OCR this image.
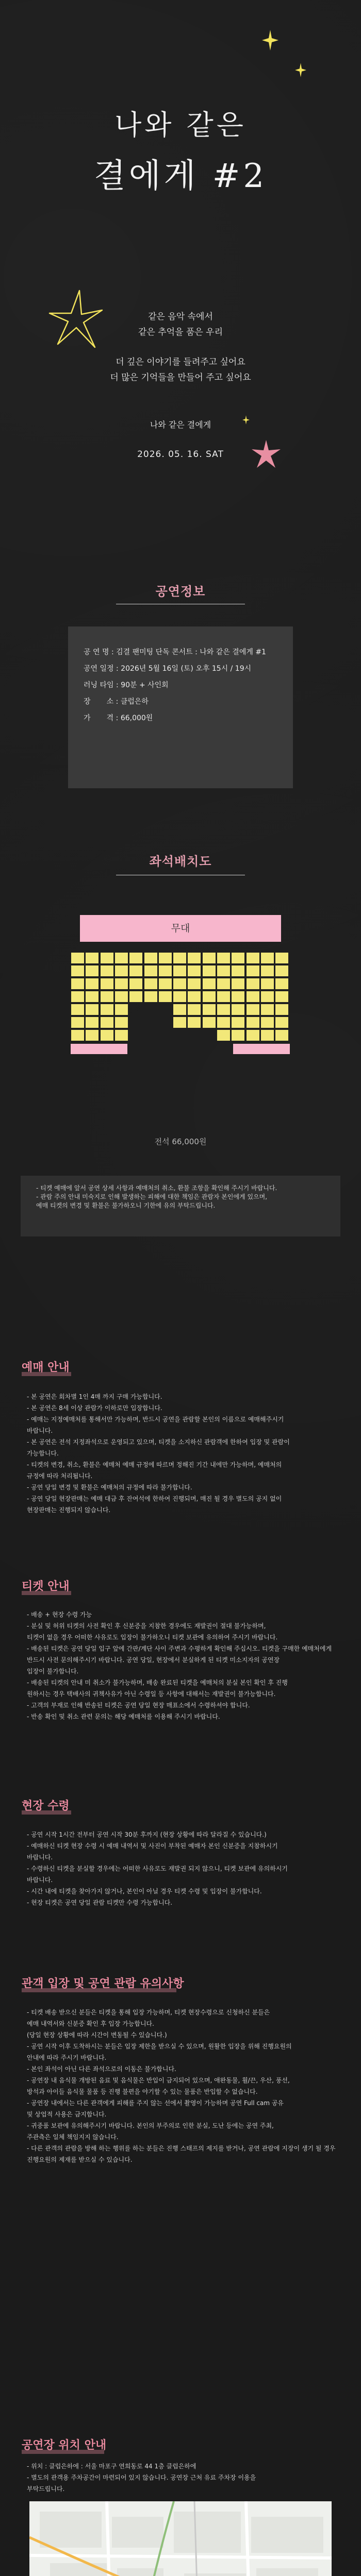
나와 같은
결에게 #2
같은 음악 속에서
같은 추억을 품은 우리
더 깊은 이야기를 들려주고 싶어요
더 많은 기억들을 만들어 주고 싶어요
나와 같은 결에게
2026. 05. 16. SAT
공연정보
공 연 명
: 김결 팬미팅 단독 콘서트 : 나와 같은 결에게 #1
공연 일정
: 2026년 5월 16일 (토) 오후 15시 / 19시
러닝 타임
: 90분 + 사인회
장       소
: 클럽은하
가       격
: 66,000원
좌석배치도
무대
전석 66,000원
- 티켓 예매에 앞서 공연 상세 사항과 예매처의 취소, 환불 조항을 확인해 주시기 바랍니다.
- 관람 주의 안내 미숙지로 인해 발생하는 피해에 대한 책임은 관람자 본인에게 있으며,
예매 티켓의 변경 및 환불은 불가하오니 기한에 유의 부탁드립니다.
예매 안내
- 본 공연은 회차별 1인 4매 까지 구매 가능합니다.
- 본 공연은 8세 이상 관람가 이하로만 입장합니다.
- 예매는 지정예매처를 통해서만 가능하며, 반드시 공연을 관람할 본인의 이름으로 예매해주시기
바랍니다.
- 본 공연은 전석 지정좌석으로 운영되고 있으며, 티켓을 소지하신 관람객에 한하여 입장 및 관람이
가능합니다.
- 티켓의 변경, 취소, 환불은 예매처 예매 규정에 따르며 정해진 기간 내에만 가능하며, 예매처의
규정에 따라 처리됩니다.
- 공연 당일 변경 및 환불은 예매처의 규정에 따라 불가합니다.
- 공연 당일 현장판매는 예매 대금 후 잔여석에 한하여 진행되며, 매진 될 경우 별도의 공지 없이
현장판매는 진행되지 않습니다.
티켓 안내
- 배송 + 현장 수령 가능
- 분실 및 허위 티켓의 사전 확인 후 신분증을 지참한 경우에도 재발권이 절대 불가능하며,
티켓이 없을 경우 어떠한 사유로도 입장이 불가하오니 티켓 보관에 유의하여 주시기 바랍니다.
- 배송된 티켓은 공연 당일 입구 앞에 간판/계단 사이 주변과 수평하게 확인해 주십시오. 티켓을 구매한 예매처에게
반드시 사전 문의해주시기 바랍니다. 공연 당일, 현장에서 분실하게 된 티켓 미소지자의 공연장
입장이 불가합니다.
- 배송된 티켓의 안내 미 취소가 불가능하며, 배송 완료된 티켓을 예매처의 분실 본인 확인 후 진행
원하시는 경우 택배사의 귀책사유가 아닌 수령일 등 사항에 대해서는 재발권이 불가능합니다.
- 고객의 부재로 인해 반송된 티켓은 공연 당일 현장 매표소에서 수령하셔야 합니다.
- 반송 확인 및 취소 관련 문의는 해당 예매처를 이용해 주시기 바랍니다.
현장 수령
- 공연 시작 1시간 전부터 공연 시작 30분 후까지 (현장 상황에 따라 달라질 수 있습니다.)
- 예매하신 티켓 현장 수령 시 예매 내역서 및 사진이 부착된 예매자 본인 신분증을 지참하시기
바랍니다.
- 수령하신 티켓을 분실할 경우에는 어떠한 사유로도 재발권 되지 않으니, 티켓 보관에 유의하시기
바랍니다.
- 시간 내에 티켓을 찾아가지 않거나, 본인이 아닐 경우 티켓 수령 및 입장이 불가합니다.
- 현장 티켓은 공연 당일 관람 티켓만 수령 가능합니다.
관객 입장 및 공연 관람 유의사항
- 티켓 배송 받으신 분들은 티켓을 통해 입장 가능하며, 티켓 현장수령으로 신청하신 분들은
예매 내역서와 신분증 확인 후 입장 가능합니다.
(당일 현장 상황에 따라 시간이 변동될 수 있습니다.)
- 공연 시작 이후 도착하시는 분들은 입장 제한을 받으실 수 있으며, 원활한 입장을 위해 진행요원의
안내에 따라 주시기 바랍니다.
- 본인 좌석이 아닌 다른 좌석으로의 이동은 불가합니다.
- 공연장 내 음식물 개방된 음료 및 음식물은 반입이 금지되어 있으며, 애완동물, 휠/끈, 우산, 풍선,
방석과 아이들 음식물 물품 등 진행 불편을 야기할 수 있는 물품은 반입할 수 없습니다.
- 공연장 내에서는 다른 관객에게 피해를 주지 않는 선에서 촬영이 가능하며 공연 Full cam 공유
및 상업적 사용은 금지합니다.
- 귀중품 보관에 유의해주시기 바랍니다. 본인의 부주의로 인한 분실, 도난 등에는 공연 주최,
주관측은 일체 책임지지 않습니다.
- 다른 관객의 관람을 방해 하는 행위를 하는 분들은 진행 스태프의 제지를 받거나, 공연 관람에 지장이 생기 될 경우
진행요원의 제재를 받으실 수 있습니다.
공연장 위치 안내
- 위치 : 클럽은하에 : 서울 마포구 연희동로 44 1층 클럽은하에
- 별도의 관객용 주차공간이 마련되어 있지 않습니다. 공연장 근처 유료 주차장 이용을
부탁드립니다.
